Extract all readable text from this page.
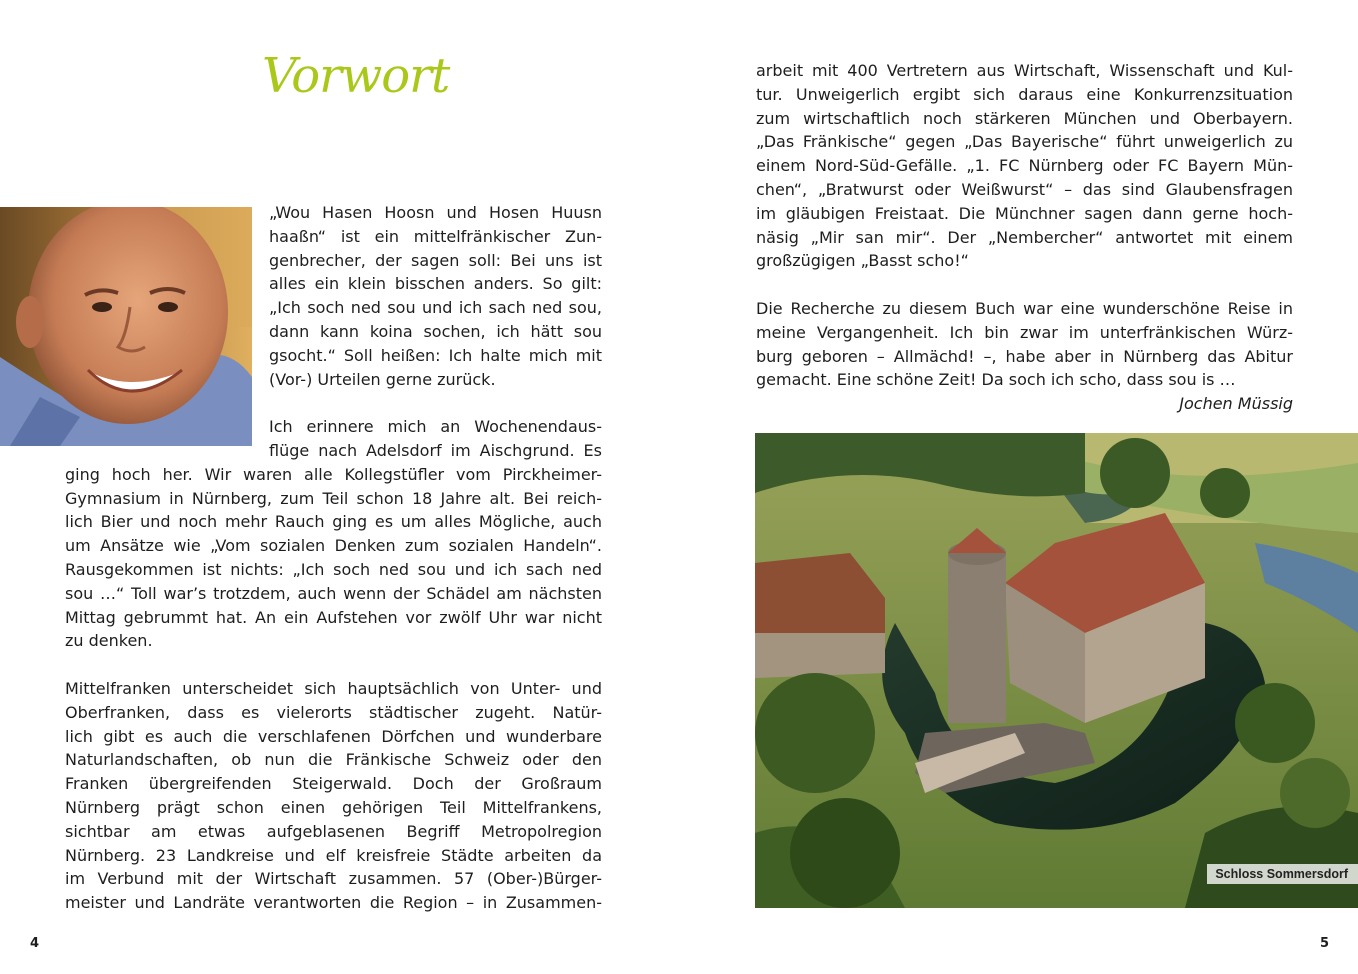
Vorwort
„Wou Hasen Hoosn und Hosen Huusn
haaßn“ ist ein mittelfränkischer Zun-
genbrecher, der sagen soll: Bei uns ist
alles ein klein bisschen anders. So gilt:
„Ich soch ned sou und ich sach ned sou,
dann kann koina sochen, ich hätt sou
gsocht.“ Soll heißen: Ich halte mich mit
(Vor-) Urteilen gerne zurück.
Ich erinnere mich an Wochenendaus-
flüge nach Adelsdorf im Aischgrund. Es
ging hoch her. Wir waren alle Kollegstüfler vom Pirckheimer-
Gymnasium in Nürnberg, zum Teil schon 18 Jahre alt. Bei reich-
lich Bier und noch mehr Rauch ging es um alles Mögliche, auch
um Ansätze wie „Vom sozialen Denken zum sozialen Handeln“.
Rausgekommen ist nichts: „Ich soch ned sou und ich sach ned
sou …“ Toll war’s trotzdem, auch wenn der Schädel am nächsten
Mittag gebrummt hat. An ein Aufstehen vor zwölf Uhr war nicht
zu denken.
Mittelfranken unterscheidet sich hauptsächlich von Unter- und
Oberfranken, dass es vielerorts städtischer zugeht. Natür-
lich gibt es auch die verschlafenen Dörfchen und wunderbare
Naturlandschaften, ob nun die Fränkische Schweiz oder den
Franken übergreifenden Steigerwald. Doch der Großraum
Nürnberg prägt schon einen gehörigen Teil Mittelfrankens,
sichtbar am etwas aufgeblasenen Begriff Metropolregion
Nürnberg. 23 Landkreise und elf kreisfreie Städte arbeiten da
im Verbund mit der Wirtschaft zusammen. 57 (Ober-)Bürger-
meister und Landräte verantworten die Region – in Zusammen-
4
arbeit mit 400 Vertretern aus Wirtschaft, Wissenschaft und Kul-
tur. Unweigerlich ergibt sich daraus eine Konkurrenzsituation
zum wirtschaftlich noch stärkeren München und Oberbayern.
„Das Fränkische“ gegen „Das Bayerische“ führt unweigerlich zu
einem Nord-Süd-Gefälle. „1. FC Nürnberg oder FC Bayern Mün-
chen“, „Bratwurst oder Weißwurst“ – das sind Glaubensfragen
im gläubigen Freistaat. Die Münchner sagen dann gerne hoch-
näsig „Mir san mir“. Der „Nembercher“ antwortet mit einem
großzügigen „Basst scho!“
Die Recherche zu diesem Buch war eine wunderschöne Reise in
meine Vergangenheit. Ich bin zwar im unterfränkischen Würz-
burg geboren – Allmächd! –, habe aber in Nürnberg das Abitur
gemacht. Eine schöne Zeit! Da soch ich scho, dass sou is …
Jochen Müssig
Schloss Sommersdorf
5
